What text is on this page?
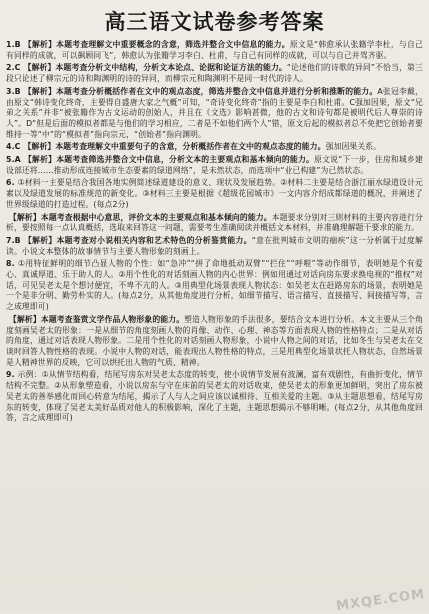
高三语文试卷参考答案

1.B 【解析】本题考查理解文中重要概念的含意，筛选并整合文中信息的能力。原文是“韩愈承认张籍学李杜，与自己有同样的成就，可以飙顾同飞”，韩愈认为张籍学习李白、杜甫，与自己有同样的成就，可以与自己并驾齐驱。

2.C 【解析】本题考查分析文中结构，分析文本论点、论据和论证方法的能力。“论述他们的诗歌的异同”不恰当，第三段只论述了柳宗元的诗和陶渊明的诗的异同，而柳宗元和陶渊明不是同一时代的诗人。

3.B 【解析】本题考查分析概括作者在文中的观点态度，筛选并整合文中信息并进行分析和推断的能力。A张冠李戴，由原文“韩诗变化终奇，主要得自盛唐大家之气概”可知，“奇诗变化终奇”指的主要是李白和杜甫。C强加因果，原文“兄弟之关系”并非“被张籍作为古文运动的创始人，并且在《文选》影响甚微，他的古文和诗句都是被明代后人尊崇的诗人”。D“但是后面的模拟者都是与他们的学习相应，二者是不如他们两个人”错，原文后起的模拟者总不免把它创始者要维持一等“中”的“模拟者”指向宗元，“创始者”指向渊明。

4.C 【解析】本题考查理解文中重要句子的含意，分析概括作者在文中的观点态度的能力。强加因果关系。

5.A 【解析】本题考查筛选并整合文中信息，分析文本的主要观点和基本倾向的能力。原文说“下一步，住房和城乡建设部还将……推动形成连接城市生态要素的绿道网络”，是未然状态，而选项中“业已构建”为已然状态。

6. ①材料一主要是结合我国各地实例简述绿道建设的意义、现状及发展趋势。②材料二主要是结合浙江丽水绿道设计元素以及绿道发展的标准规范的新变化。③材料三主要是根据《超级花园城市》一文内容介绍成都绿道的概况，并阐述了世界级绿道的打造过程。(每点2分)

【解析】本题考查根据中心意思，评价文本的主要观点和基本倾向的能力。本题要求分别对三则材料的主要内容进行分析，要按照每一点认真概括，选取来回答这一问题，需要考生准确阅读并概括文本材料，并准确理解题干要求的能力。

7.B 【解析】本题考查对小说相关内容和艺术特色的分析鉴赏能力。“意在批判城市文明的痼疾”这一分析属于过度解读。小说文本整体的故事情节与主要人物形象的刻画上。

8. ①用特征鲜明的细节凸显人物的个性：如“急冲”“拼了命地抵动双臂”“拦住”“呼啦”等动作细节，表明她是个有爱心、真诚厚道、乐于助人的人。②用个性化的对话刻画人物的内心世界：例如用通过对话向房东要求换电视的“推权”对话，可见吴老太是个想讨便宜，不卑不亢的人。③用典型化场景表现人物状态：如吴老太在赶路房东的场景，表明她是一个是非分明、勤劳朴实的人。(每点2分，从其他角度进行分析，如细节描写、语言描写、直接描写、间接描写等，言之成理即可)

【解析】本题考查鉴赏文学作品人物形象的能力。塑造人物形象的手法很多，要结合文本进行分析。本文主要从三个角度刻画吴老太的形象：一是从细节的角度刻画人物的肖像、动作、心理、神态等方面表现人物的性格特点；二是从对话的角度，通过对话表现人物形象。二是用个性化的对话刻画人物形象，小说中人物之间的对话，比如冬生与吴老太在交谈时回答人物性格的表现。小说中人物的对话，能表现出人物性格的特点，三是用典型化场景状托人物状态，自然场景是人精神世界的反映，它可以烘托出人物的气质、精神。

9. 示例：①从情节结构看，结尾写房东对吴老太态度的转变，使小说情节发展有波澜，富有戏剧性，有曲折变化，情节结构不完整。②从形象塑造看，小说以房东与守在床前的吴老太的对话收束，使吴老太的形象更加鲜明，突出了房东被吴老太的善举感化而回心转意为结尾，揭示了人与人之间应该以诚相待、互相关爱的主题。③从主题思想看，结尾写房东的转变，体现了吴老太美好品质对他人的积极影响，深化了主题，主题思想揭示不够明晰。(每点2分，从其他角度回答，言之成理即可)

MXQE.COM
